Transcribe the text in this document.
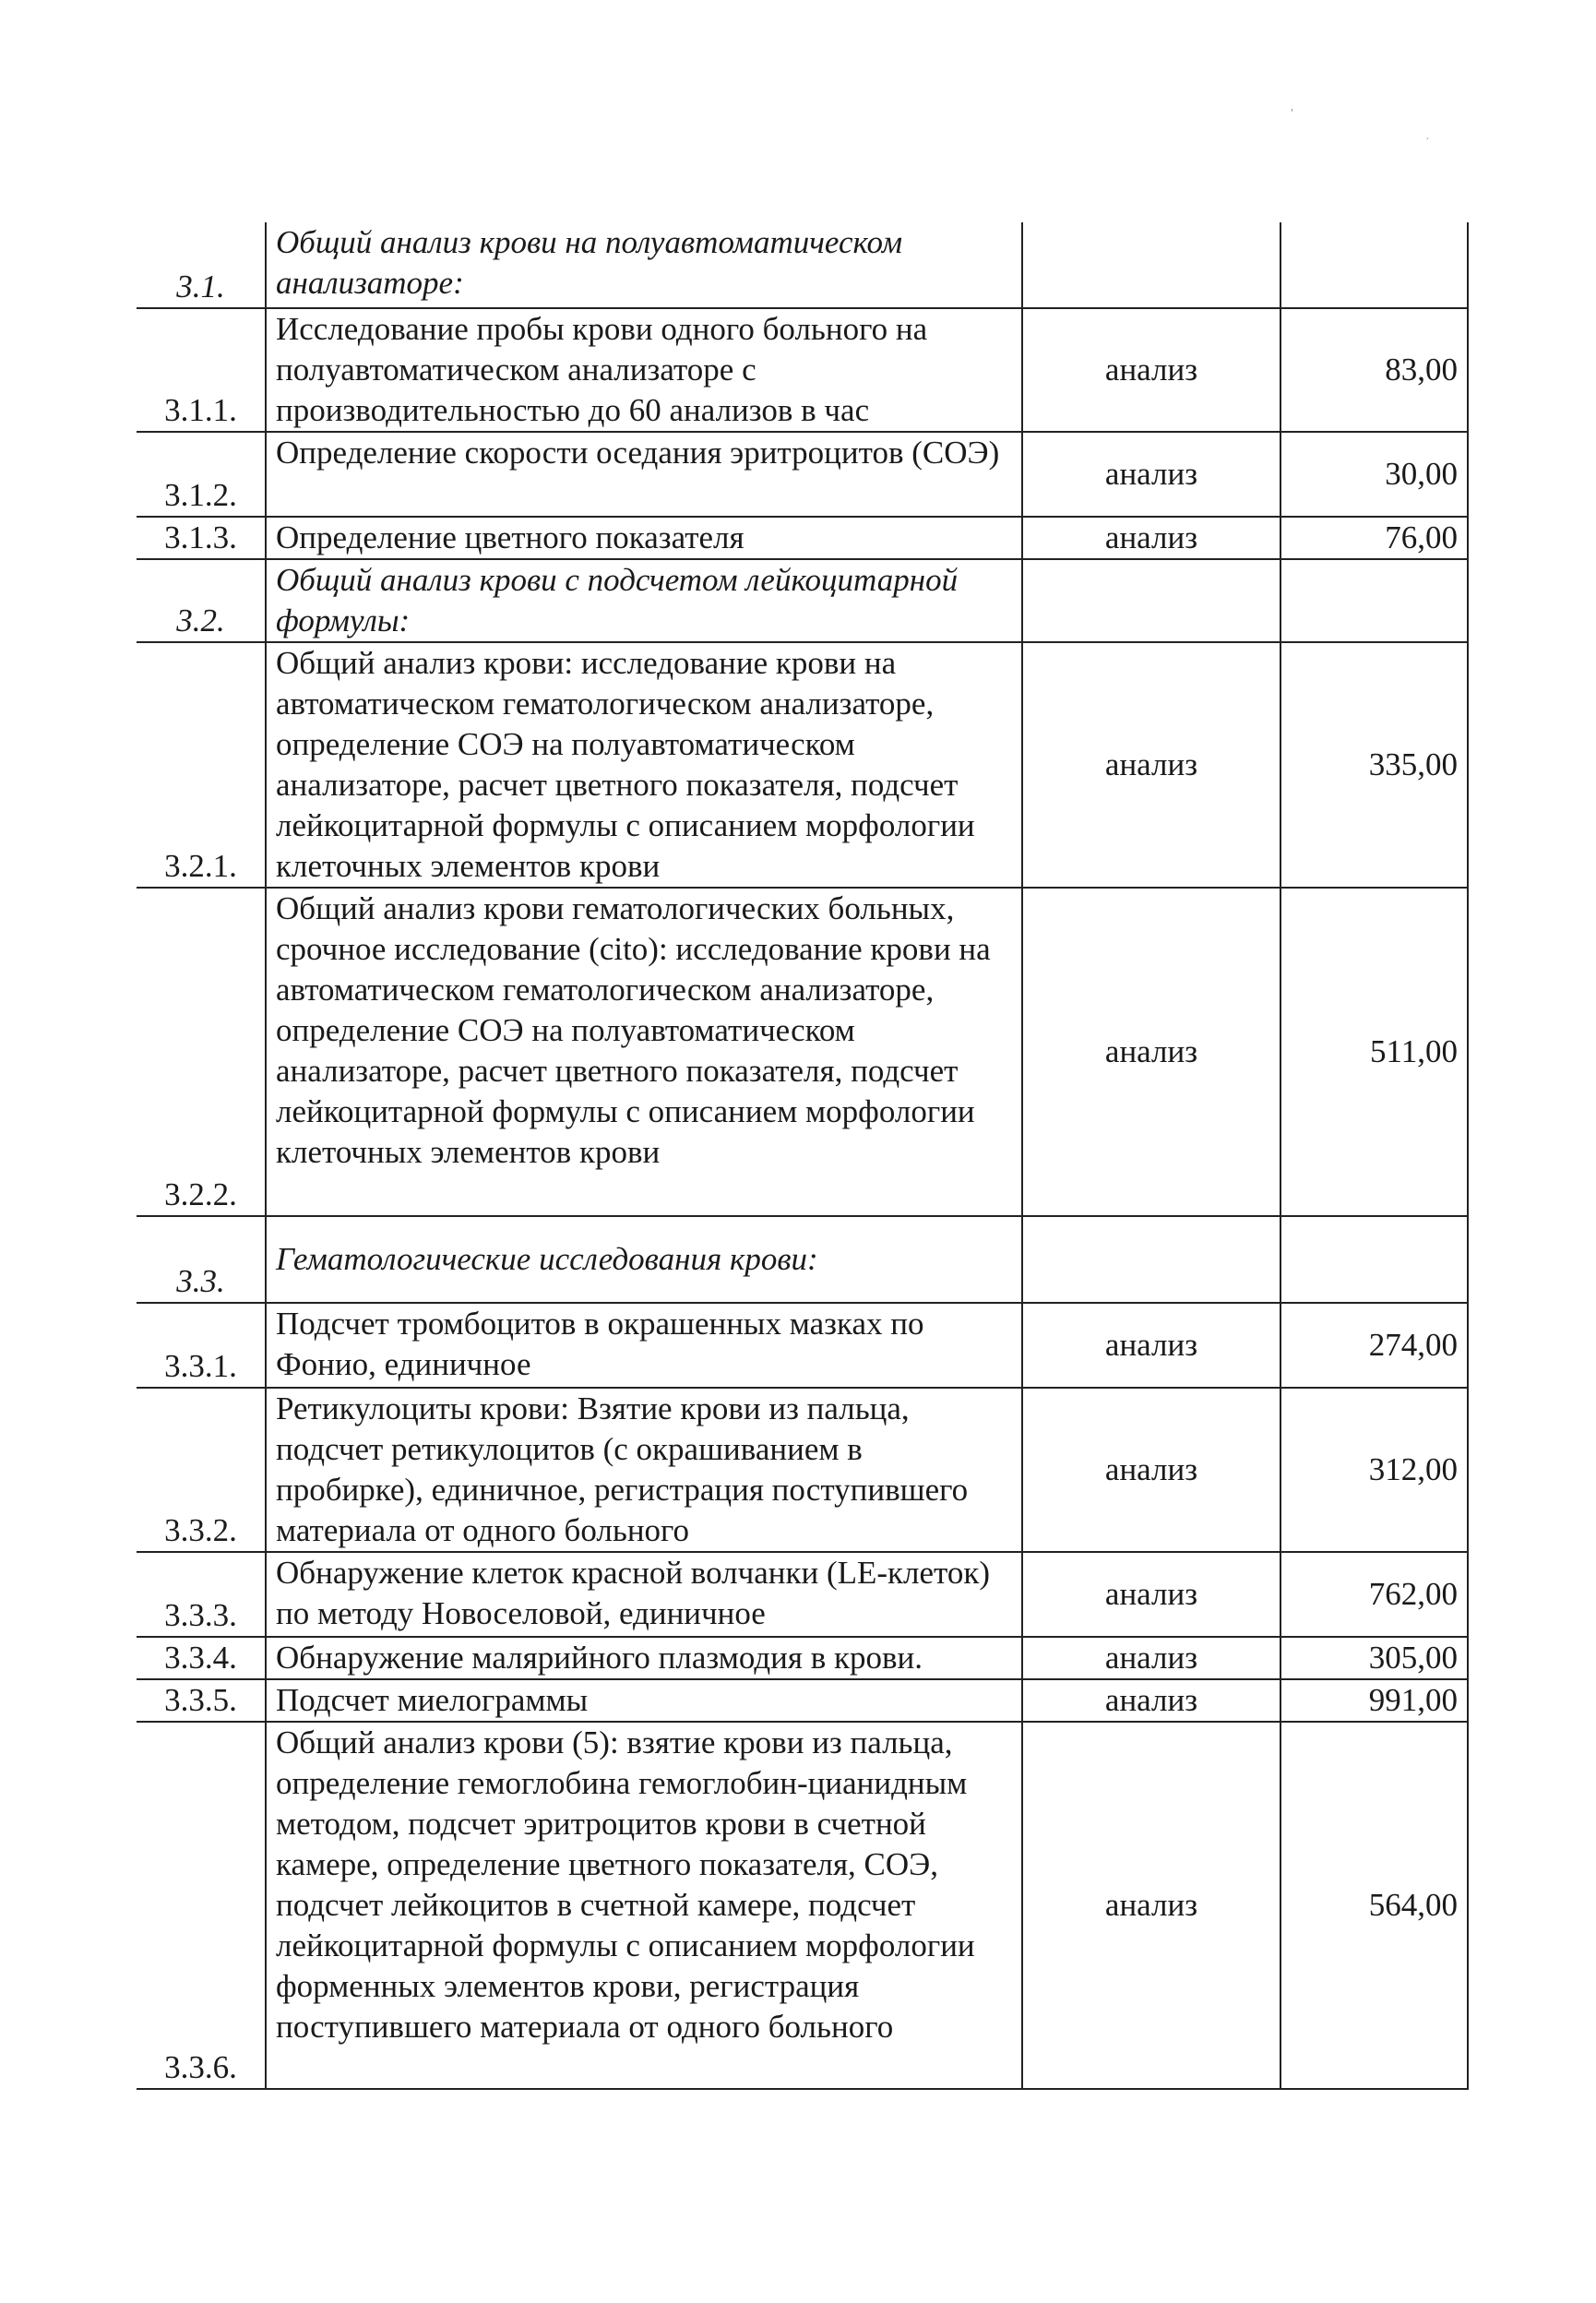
ʼ
·
3.1.	Общий анализ крови на полуавтоматическом анализаторе:		
3.1.1.	Исследование пробы крови одного больного на полуавтоматическом анализаторе с производительностью до 60 анализов в час	анализ	83,00
3.1.2.	Определение скорости оседания эритроцитов (СОЭ)	анализ	30,00
3.1.3.	Определение цветного показателя	анализ	76,00
3.2.	Общий анализ крови с подсчетом лейкоцитарной формулы:		
3.2.1.	Общий анализ крови: исследование крови на автоматическом гематологическом анализаторе, определение СОЭ на полуавтоматическом анализаторе, расчет цветного показателя, подсчет лейкоцитарной формулы с описанием морфологии клеточных элементов крови	анализ	335,00
3.2.2.	Общий анализ крови гематологических больных, срочное исследование (cito): исследование крови на автоматическом гематологическом анализаторе, определение СОЭ на полуавтоматическом анализаторе, расчет цветного показателя, подсчет лейкоцитарной формулы с описанием морфологии клеточных элементов крови	анализ	511,00
3.3.	Гематологические исследования крови:		
3.3.1.	Подсчет тромбоцитов в окрашенных мазках по Фонио, единичное	анализ	274,00
3.3.2.	Ретикулоциты крови: Взятие крови из пальца, подсчет ретикулоцитов (с окрашиванием в пробирке), единичное, регистрация поступившего материала от одного больного	анализ	312,00
3.3.3.	Обнаружение клеток красной волчанки (LE-клеток) по методу Новоселовой, единичное	анализ	762,00
3.3.4.	Обнаружение малярийного плазмодия в крови.	анализ	305,00
3.3.5.	Подсчет миелограммы	анализ	991,00
3.3.6.	Общий анализ крови (5): взятие крови из пальца, определение гемоглобина гемоглобин-цианидным методом, подсчет эритроцитов крови в счетной камере, определение цветного показателя, СОЭ, подсчет лейкоцитов в счетной камере, подсчет лейкоцитарной формулы с описанием морфологии форменных элементов крови, регистрация поступившего материала от одного больного	анализ	564,00
